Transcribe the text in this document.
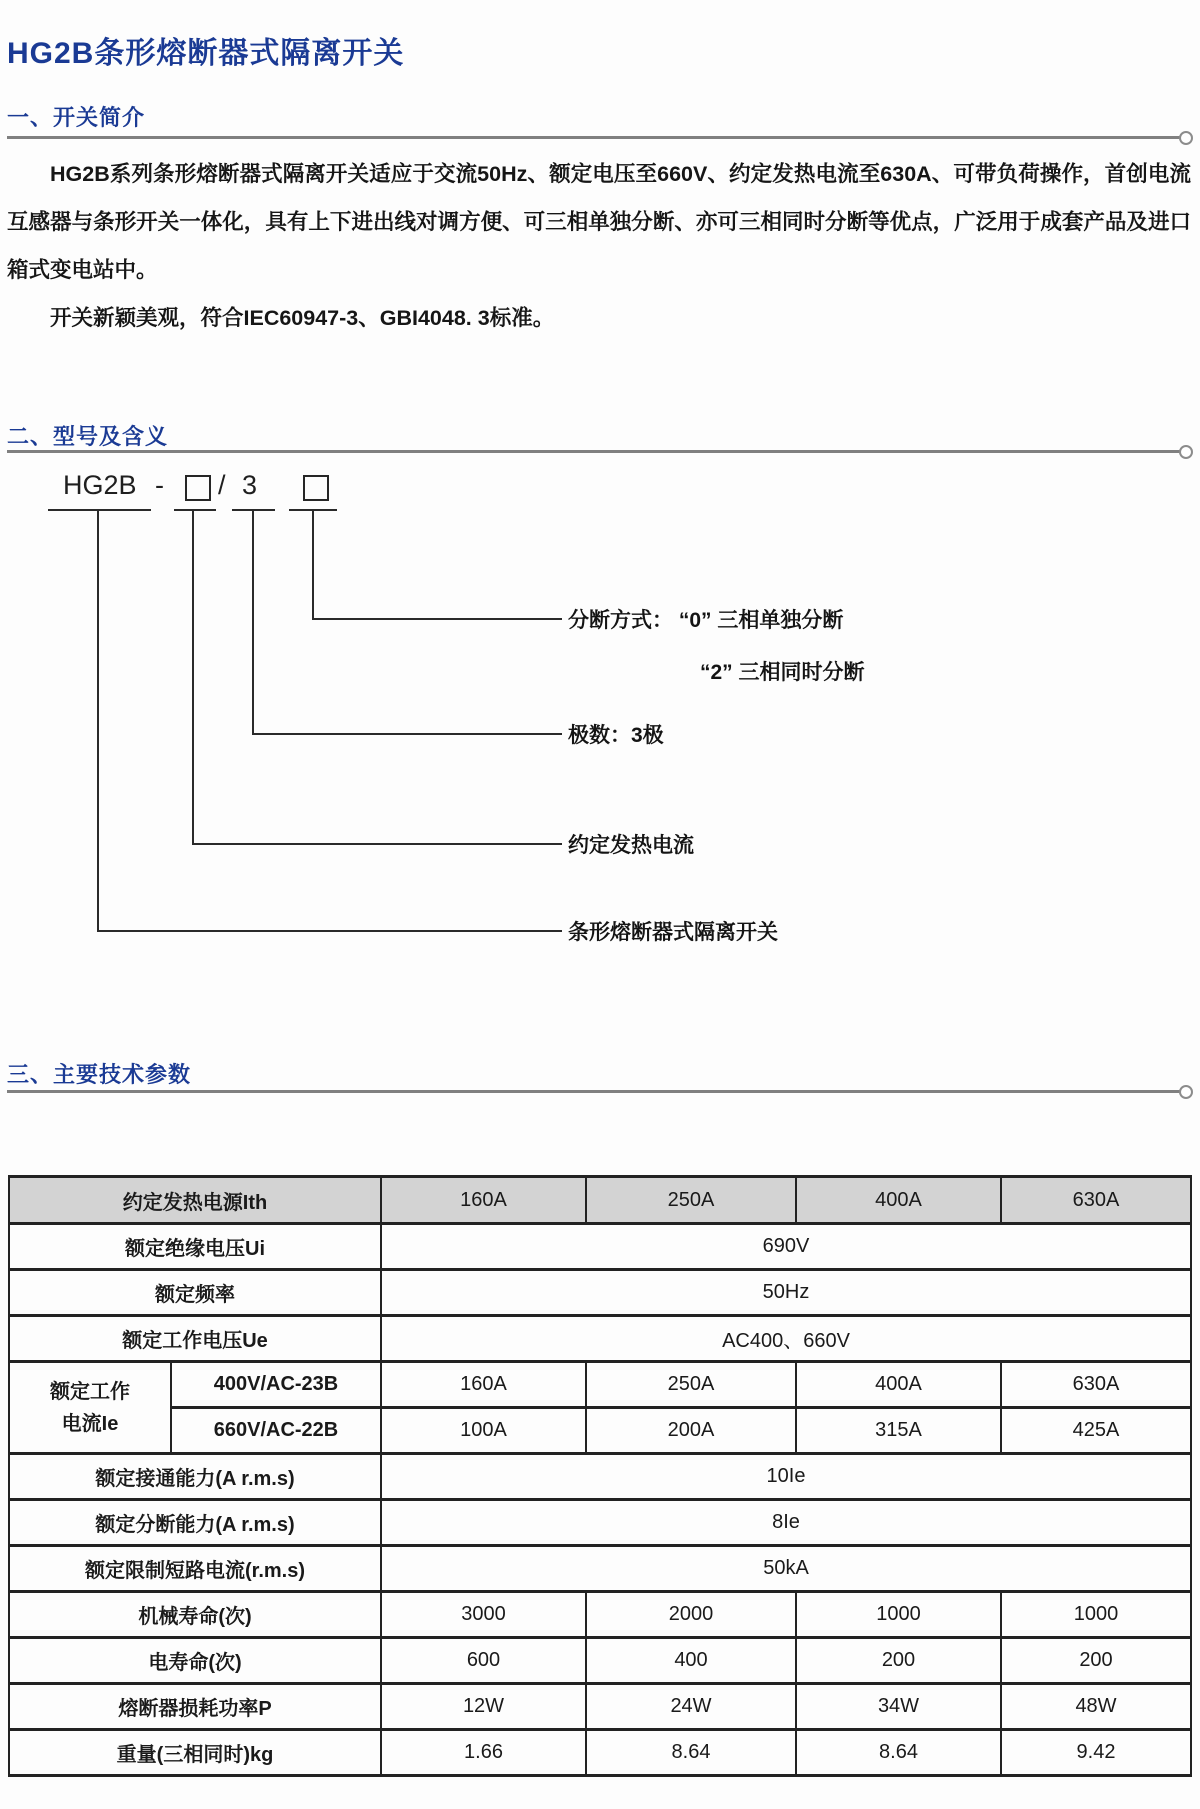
HG2B条形熔断器式隔离开关
一、开关简介

HG2B系列条形熔断器式隔离开关适应于交流50Hz、额定电压至660V、约定发热电流至630A、可带负荷操作，首创电流互感器与条形开关一体化，具有上下进出线对调方便、可三相单独分断、亦可三相同时分断等优点，广泛用于成套产品及进口箱式变电站中。

开关新颖美观，符合IEC60947-3、GBI4048. 3标准。

二、型号及含义
HG2B - / 3
分断方式： “0” 三相单独分断
“2” 三相同时分断
极数：3极
约定发热电流
条形熔断器式隔离开关
三、主要技术参数
约定发热电源Ith		160A	250A	400A	630A
额定绝缘电压Ui		690V			
额定频率		50Hz			
额定工作电压Ue		AC400、660V			

额定工作
电流Ie	400V/AC-23B	160A	250A	400A	630A
	660V/AC-22B	100A	200A	315A	425A
额定接通能力(A r.m.s)		10Ie			
额定分断能力(A r.m.s)		8Ie			
额定限制短路电流(r.m.s)		50kA			
机械寿命(次)		3000	2000	1000	1000
电寿命(次)		600	400	200	200
熔断器损耗功率P		12W	24W	34W	48W
重量(三相同时)kg		1.66	8.64	8.64	9.42
